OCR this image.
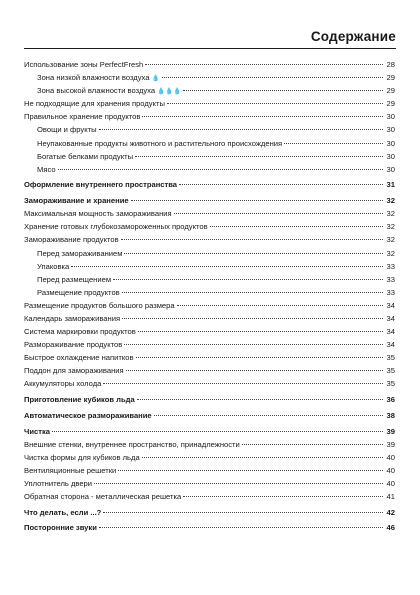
Содержание
Использование зоны PerfectFresh	28
Зона низкой влажности воздуха 💧	29
Зона высокой влажности воздуха 💧💧💧	29
Не подходящие для хранения продукты	29
Правильное хранение продуктов	30
Овощи и фрукты	30
Неупакованные продукты животного и растительного происхождения	30
Богатые белками продукты	30
Мясо	30
Оформление внутреннего пространства	31
Замораживание и хранение	32
Максимальная мощность замораживания	32
Хранение готовых глубокозамороженных продуктов	32
Замораживание продуктов	32
Перед замораживанием	32
Упаковка	33
Перед размещением	33
Размещение продуктов	33
Размещение продуктов большого размера	34
Календарь замораживания	34
Система маркировки продуктов	34
Размораживание продуктов	34
Быстрое охлаждение напитков	35
Поддон для замораживания	35
Аккумуляторы холода	35
Приготовление кубиков льда	36
Автоматическое размораживание	38
Чистка	39
Внешние стенки, внутреннее пространство, принадлежности	39
Чистка формы для кубиков льда	40
Вентиляционные решетки	40
Уплотнитель двери	40
Обратная сторона - металлическая решетка	41
Что делать, если ...?	42
Посторонние звуки	46
